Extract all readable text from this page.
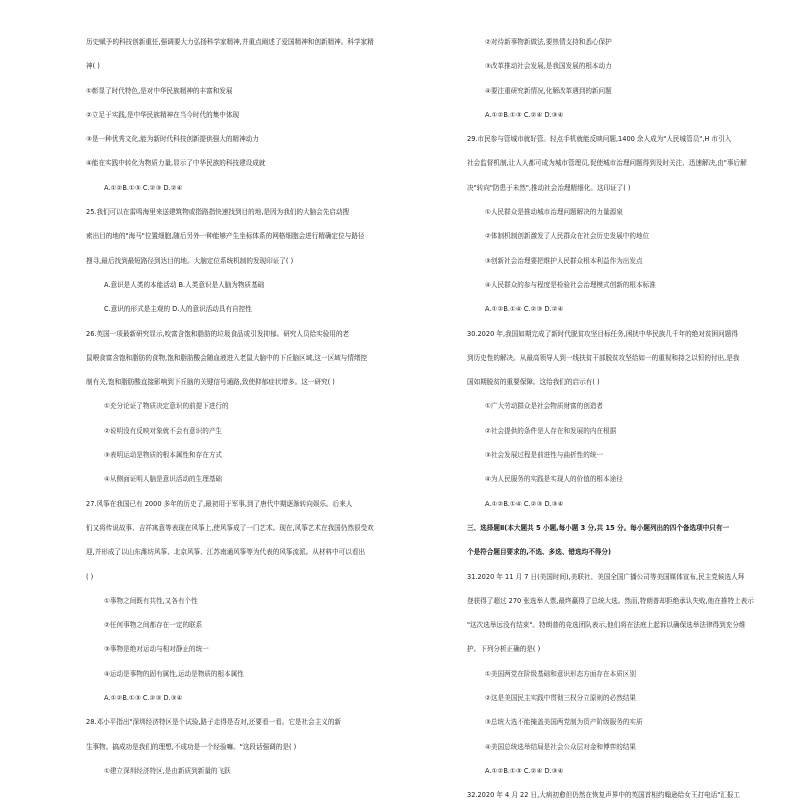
历史赋予的科技创新重任,强调要大力弘扬科学家精神,并重点阐述了爱国精神和创新精神。科学家精
神( )
①彰显了时代特色,是对中华民族精神的丰富和发展
②立足于实践,是中华民族精神在当今时代的集中体现
③是一种优秀文化,能为新时代科技创新提供强大的精神动力
④能在实践中转化为物质力量,显示了中华民族的科技建设成就
A.①②B.①③ C.②③ D.②④
25.我们可以在雷鸣海里来送建筑物或指路指快速找到目的地,是因为我们的大脑会先启动搜
索出目的地的"海马"位置细胞,随后另外一种能够产生坐标体系的网格细胞会进行精确定位与路径
搜寻,最后找到最短路径到达目的地。大脑定位系统机制的发现印证了( )
A.意识是人类的本能活动 B.人类意识是人脑为物质基础
C.意识的形式是主观的 D.人的意识活动具有自控性
26.英国一项最新研究显示,咬富含饱和脂肪的垃圾食品或引发抑郁。研究人员给实验用的老
鼠喂食富含饱和脂肪的食物,饱和脂肪酸会随血液进入老鼠大脑中的下丘脑区域,这一区域与情绪控
制有关,饱和脂肪酸直接影响到下丘脑的关键信号通路,致使抑郁症状增多。这一研究( )
①充分论证了物质决定意识的前提下进行的
②说明没有反映对象就不会有意识的产生
③表明运动是物质的根本属性和存在方式
④从侧面证明人脑是意识活动的生理基础
27.风筝在我国已有 2000 多年的历史了,最初用于军事,到了唐代中期逐渐转向娱乐。后来人
们又将传说故事、吉祥寓意等表现在风筝上,使风筝成了一门艺术。现在,风筝艺术在我国仍然很受欢
迎,并形成了以山东潍坊风筝、北京风筝、江苏南通风筝等为代表的风筝流派。从材料中可以看出
( )
①事物之间既有共性,又各有个性
②任何事物之间都存在一定的联系
③事物是绝对运动与相对静止的统一
④运动是事物的固有属性,运动是物质的根本属性
A.①②B.①③ C.②③ D.③④
28.邓小平指出"深圳经济特区是个试验,路子走得是否对,还要看一看。它是社会主义的新
生事物。搞成功是我们的理想,不成功是一个经验嘛。"这段话强调的是( )
①建立深圳经济特区,是由新质到新量的飞跃
②对待新事物新做法,要热情支持和悉心保护
③改革推动社会发展,是我国发展的根本动力
④要注重研究新情况,化解改革遇到的新问题
A.①②B.①③ C.②④ D.③④
29.市民参与管城市就好管。轻点手机就能反映问题,1400 余人成为"人民城管员",H 市引入
社会监督机制,让人人都可成为城市管理员,促使城市治理问题得到及时关注、迅速解决,由"事后解
决"转向"防患于未然",推动社会治理精细化。这印证了( )
①人民群众是推动城市治理问题解决的力量源泉
②体制机制创新激发了人民群众在社会历史发展中的地位
③创新社会治理要把维护人民群众根本利益作为出发点
④人民群众的参与程度是检验社会治理模式创新的根本标准
A.①②B.①④ C.②③ D.②④
30.2020 年,我国如期完成了新时代脱贫攻坚目标任务,困扰中华民族几千年的绝对贫困问题得
到历史性的解决。从最高领导人到一线扶贫干部脱贫攻坚给如一的重视和持之以恒的付出,是我
国如期脱贫的重要保障。这给我们的启示有( )
①广大劳动群众是社会物质财富的创造者
②社会提供的条件是人存在和发展的内在根据
③社会发展过程是前进性与曲折性的统一
④为人民服务的实践是实现人的价值的根本途径
A.①②B.①④ C.②③ D.③④
三、选择题Ⅱ(本大题共 5 小题,每小题 3 分,共 15 分。每小题列出的四个备选项中只有一
个是符合题目要求的,不选、多选、错选均不得分)
31.2020 年 11 月 7 日(美国时间),美联社、美国全国广播公司等美国媒体宣布,民主党候选人拜
登获得了超过 270 张选举人票,最终赢得了总统大选。然而,特朗普却拒绝承认失败,他在推特上表示
"这次选举远没有结束"。特朗普的竞选团队表示,他们将在法庭上起诉以确保选举法律得到充分维
护。下列分析正确的是( )
①美国两党在阶级基础和意识形态方面存在本质区别
②这是美国民主实践中贯彻三权分立原则的必然结果
③总统大选不能掩盖美国两党制为资产阶级服务的实质
④美国总统选举结局是社会公众层对金和博弈的结果
A.①②B.①③ C.②④ D.③④
32.2020 年 4 月 22 日,大病初愈但仍然在恢复声界中的英国首相约翰逊给女王打电话"汇报工
